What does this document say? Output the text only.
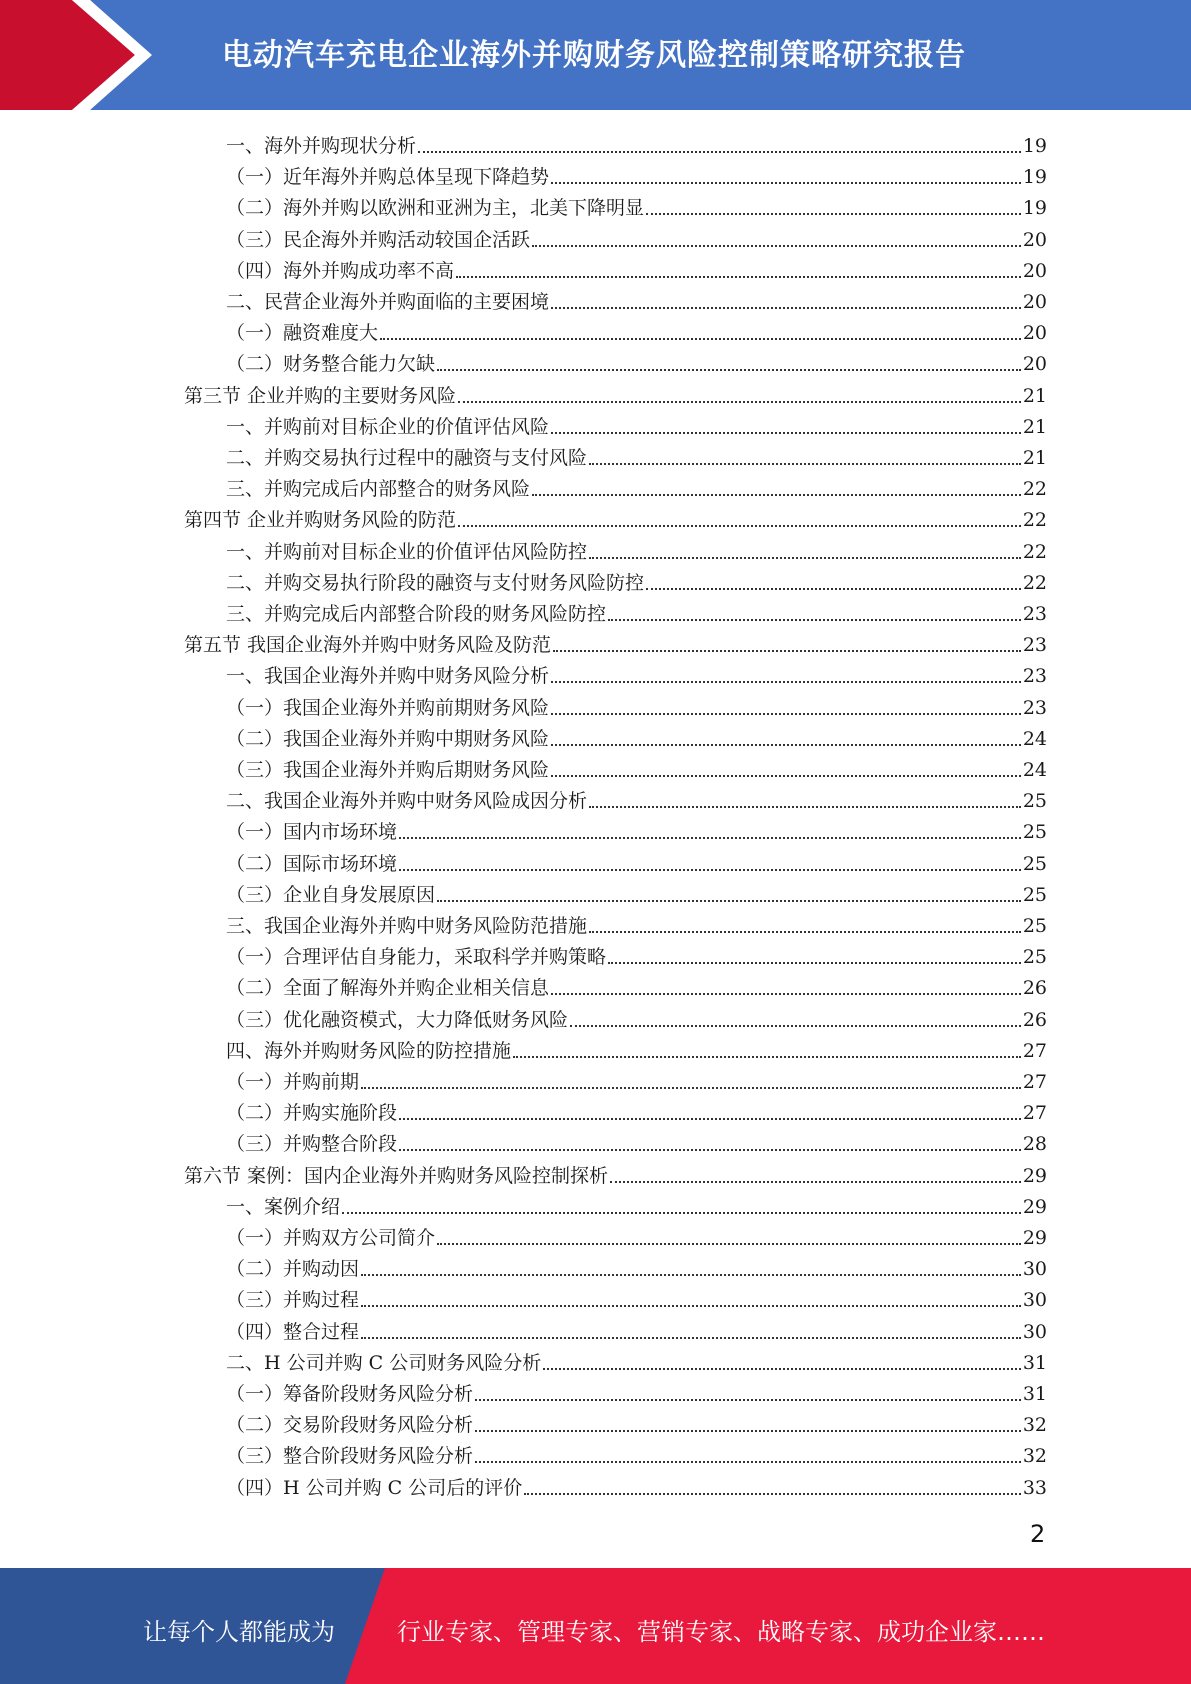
电动汽车充电企业海外并购财务风险控制策略研究报告
一、海外并购现状分析	19
（一）近年海外并购总体呈现下降趋势	19
（二）海外并购以欧洲和亚洲为主，北美下降明显	19
（三）民企海外并购活动较国企活跃	20
（四）海外并购成功率不高	20
二、民营企业海外并购面临的主要困境	20
（一）融资难度大	20
（二）财务整合能力欠缺	20
第三节 企业并购的主要财务风险	21
一、并购前对目标企业的价值评估风险	21
二、并购交易执行过程中的融资与支付风险	21
三、并购完成后内部整合的财务风险	22
第四节 企业并购财务风险的防范	22
一、并购前对目标企业的价值评估风险防控	22
二、并购交易执行阶段的融资与支付财务风险防控	22
三、并购完成后内部整合阶段的财务风险防控	23
第五节 我国企业海外并购中财务风险及防范	23
一、我国企业海外并购中财务风险分析	23
（一）我国企业海外并购前期财务风险	23
（二）我国企业海外并购中期财务风险	24
（三）我国企业海外并购后期财务风险	24
二、我国企业海外并购中财务风险成因分析	25
（一）国内市场环境	25
（二）国际市场环境	25
（三）企业自身发展原因	25
三、我国企业海外并购中财务风险防范措施	25
（一）合理评估自身能力，采取科学并购策略	25
（二）全面了解海外并购企业相关信息	26
（三）优化融资模式，大力降低财务风险	26
四、海外并购财务风险的防控措施	27
（一）并购前期	27
（二）并购实施阶段	27
（三）并购整合阶段	28
第六节 案例：国内企业海外并购财务风险控制探析	29
一、案例介绍	29
（一）并购双方公司简介	29
（二）并购动因	30
（三）并购过程	30
（四）整合过程	30
二、H 公司并购 C 公司财务风险分析	31
（一）筹备阶段财务风险分析	31
（二）交易阶段财务风险分析	32
（三）整合阶段财务风险分析	32
（四）H 公司并购 C 公司后的评价	33
2
让每个人都能成为	行业专家、管理专家、营销专家、战略专家、成功企业家……
